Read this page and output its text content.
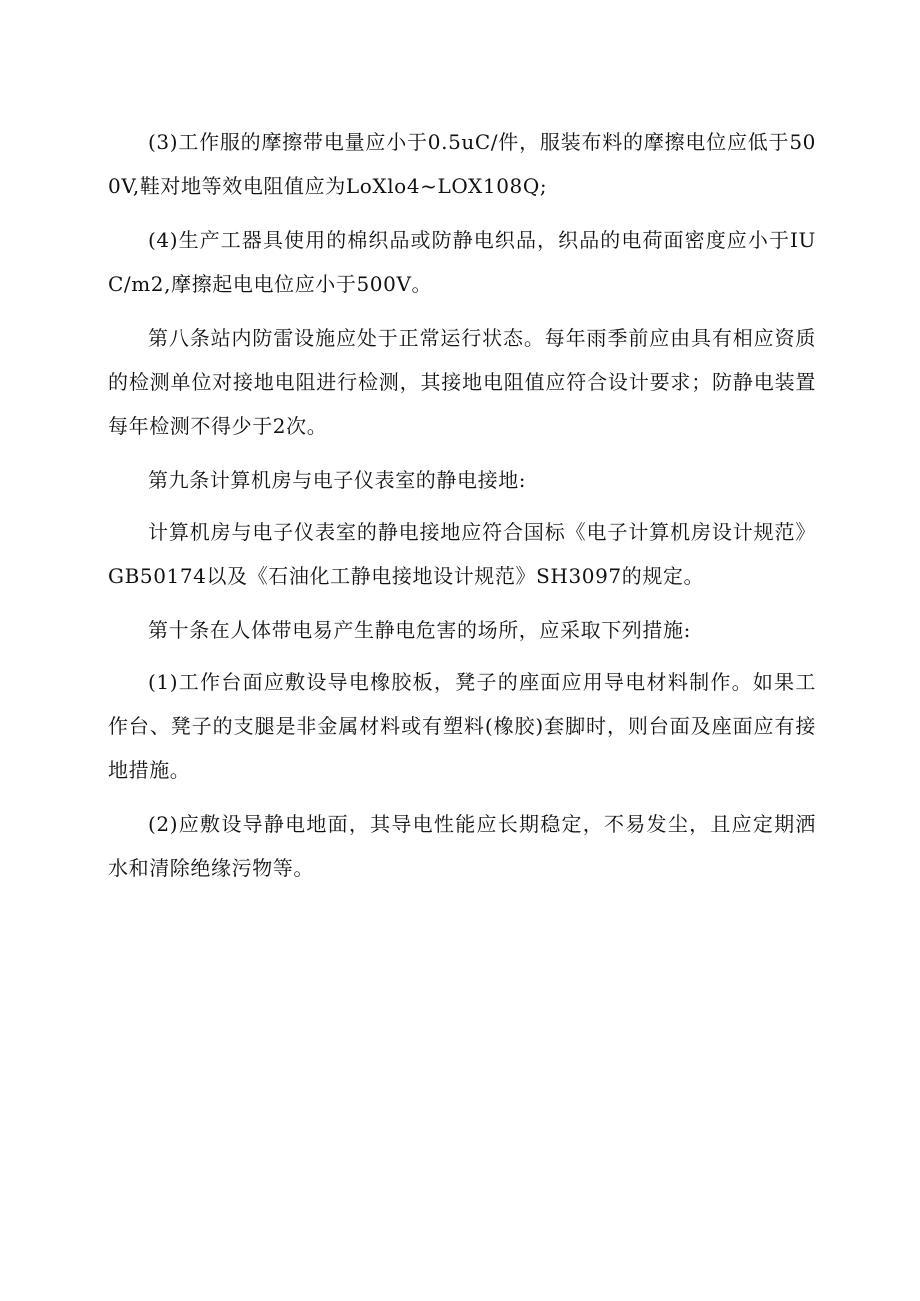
(3)工作服的摩擦带电量应小于0.5uC/件，服装布料的摩擦电位应低于500V,鞋对地等效电阻值应为LoXlo4~LOX108Q;

(4)生产工器具使用的棉织品或防静电织品，织品的电荷面密度应小于IUC/m2,摩擦起电电位应小于500V。

第八条站内防雷设施应处于正常运行状态。每年雨季前应由具有相应资质的检测单位对接地电阻进行检测，其接地电阻值应符合设计要求；防静电装置每年检测不得少于2次。

第九条计算机房与电子仪表室的静电接地:

计算机房与电子仪表室的静电接地应符合国标《电子计算机房设计规范》GB50174以及《石油化工静电接地设计规范》SH3097的规定。

第十条在人体带电易产生静电危害的场所，应采取下列措施:

(1)工作台面应敷设导电橡胶板，凳子的座面应用导电材料制作。如果工作台、凳子的支腿是非金属材料或有塑料(橡胶)套脚时，则台面及座面应有接地措施。

(2)应敷设导静电地面，其导电性能应长期稳定，不易发尘，且应定期洒水和清除绝缘污物等。
